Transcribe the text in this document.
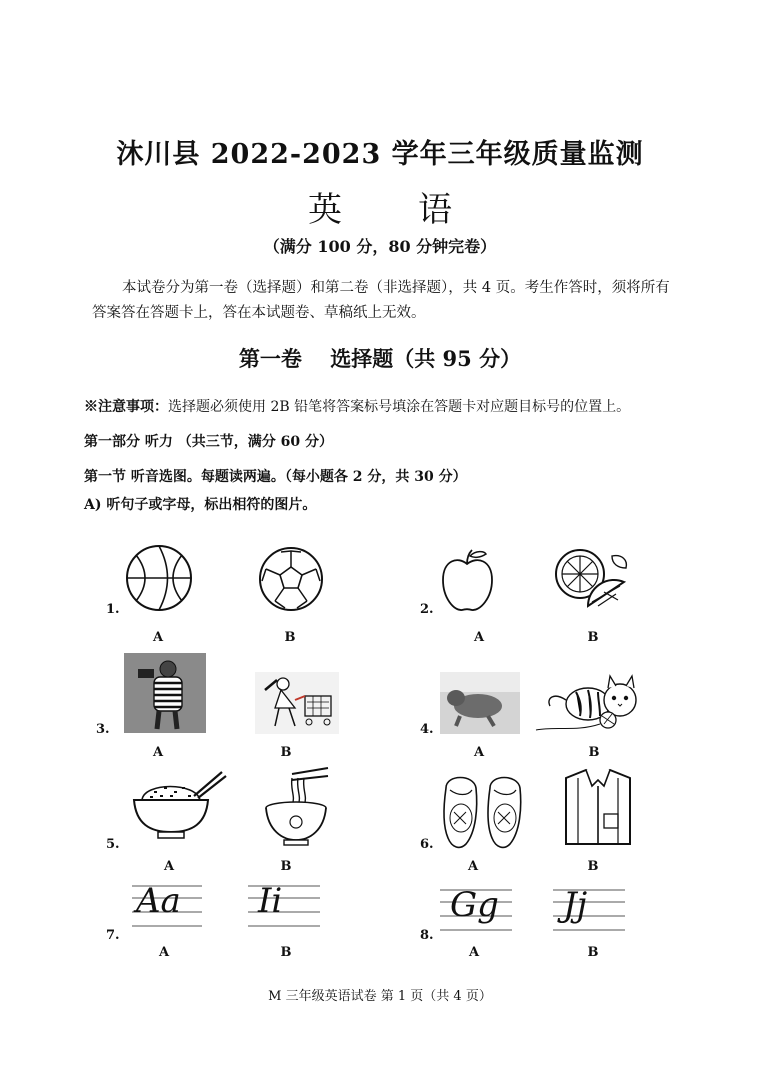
沐川县 2022-2023 学年三年级质量监测
英 语
（满分 100 分，80 分钟完卷）
本试卷分为第一卷（选择题）和第二卷（非选择题），共 4 页。考生作答时，须将所有答案答在答题卡上，答在本试题卷、草稿纸上无效。
第一卷　 选择题（共 95 分）
※注意事项：选择题必须使用 2B 铅笔将答案标号填涂在答题卡对应题目标号的位置上。
第一部分 听力 （共三节，满分 60 分）
第一节 听音选图。每题读两遍。（每小题各 2 分，共 30 分）
A) 听句子或字母，标出相符的图片。
1.
A	B
2.
A	B
3.
A	B
4.
A	B
5.
A	B
6.
A	B
7.
Aa
A
Ii
B
8.
Gg
A
Jj
B
M 三年级英语试卷 第 1 页（共 4 页）
